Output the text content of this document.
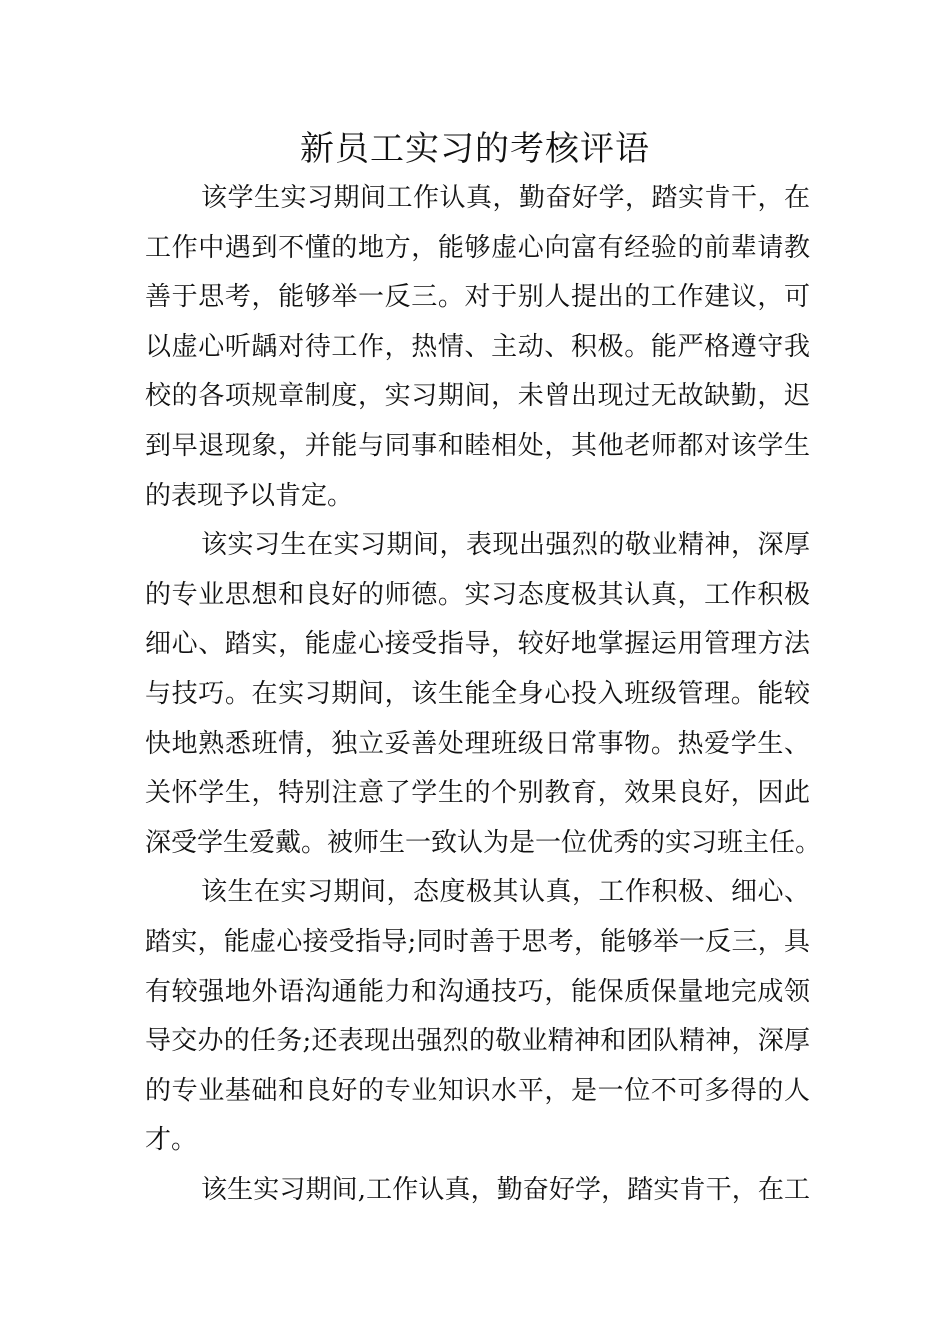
新员工实习的考核评语
该学生实习期间工作认真，勤奋好学，踏实肯干，在
工作中遇到不懂的地方，能够虚心向富有经验的前辈请教
善于思考，能够举一反三。对于别人提出的工作建议，可
以虚心听龋对待工作，热情、主动、积极。能严格遵守我
校的各项规章制度，实习期间，未曾出现过无故缺勤，迟
到早退现象，并能与同事和睦相处，其他老师都对该学生
的表现予以肯定。
该实习生在实习期间，表现出强烈的敬业精神，深厚
的专业思想和良好的师德。实习态度极其认真，工作积极
细心、踏实，能虚心接受指导，较好地掌握运用管理方法
与技巧。在实习期间，该生能全身心投入班级管理。能较
快地熟悉班情，独立妥善处理班级日常事物。热爱学生、
关怀学生，特别注意了学生的个别教育，效果良好，因此
深受学生爱戴。被师生一致认为是一位优秀的实习班主任。
该生在实习期间，态度极其认真，工作积极、细心、
踏实，能虚心接受指导;同时善于思考，能够举一反三，具
有较强地外语沟通能力和沟通技巧，能保质保量地完成领
导交办的任务;还表现出强烈的敬业精神和团队精神，深厚
的专业基础和良好的专业知识水平，是一位不可多得的人
才。
该生实习期间,工作认真，勤奋好学，踏实肯干，在工
